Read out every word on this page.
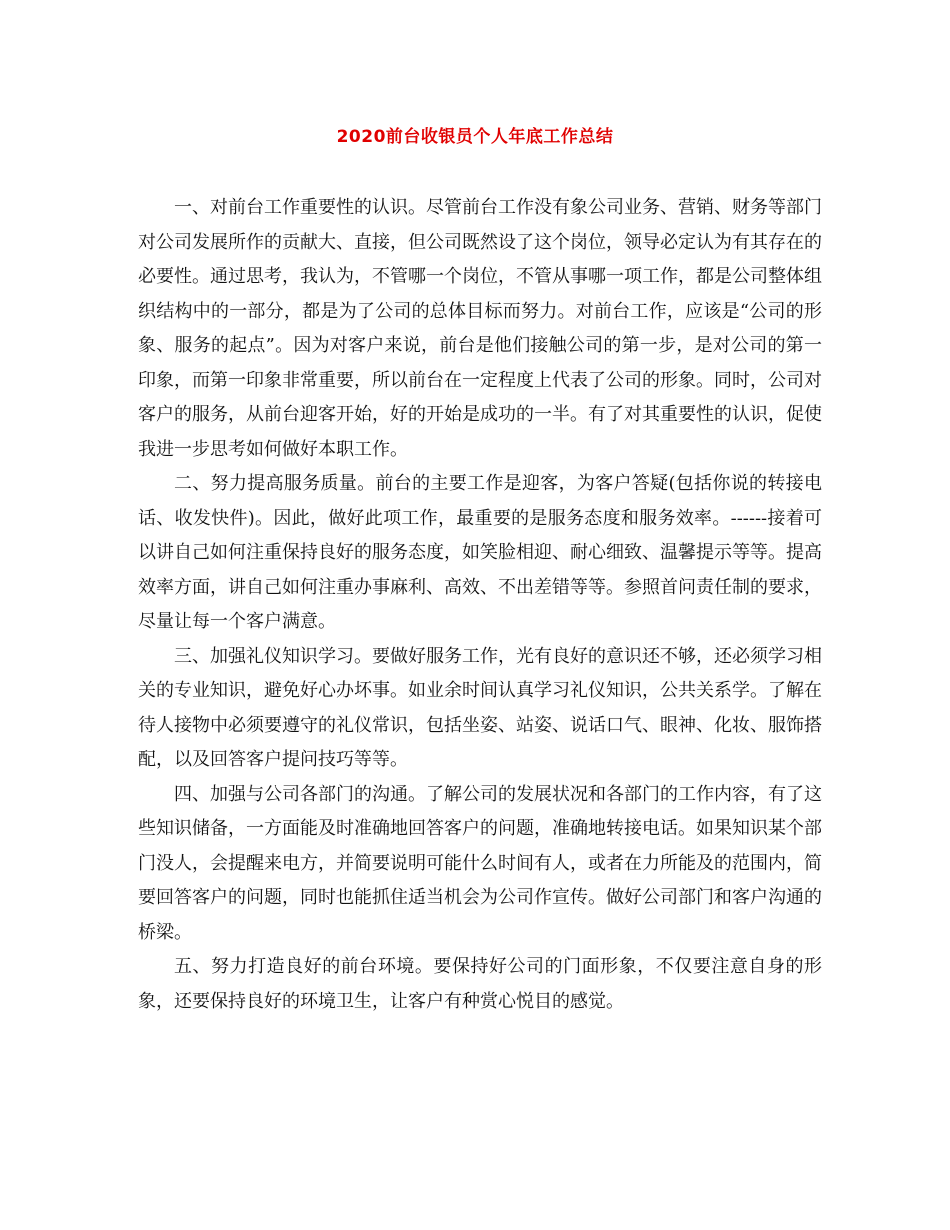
2020前台收银员个人年底工作总结

一、对前台工作重要性的认识。尽管前台工作没有象公司业务、营销、财务等部门对公司发展所作的贡献大、直接，但公司既然设了这个岗位，领导必定认为有其存在的必要性。通过思考，我认为，不管哪一个岗位，不管从事哪一项工作，都是公司整体组织结构中的一部分，都是为了公司的总体目标而努力。对前台工作，应该是“公司的形象、服务的起点”。因为对客户来说，前台是他们接触公司的第一步，是对公司的第一印象，而第一印象非常重要，所以前台在一定程度上代表了公司的形象。同时，公司对客户的服务，从前台迎客开始，好的开始是成功的一半。有了对其重要性的认识，促使我进一步思考如何做好本职工作。

二、努力提高服务质量。前台的主要工作是迎客，为客户答疑(包括你说的转接电话、收发快件)。因此，做好此项工作，最重要的是服务态度和服务效率。------接着可以讲自己如何注重保持良好的服务态度，如笑脸相迎、耐心细致、温馨提示等等。提高效率方面，讲自己如何注重办事麻利、高效、不出差错等等。参照首问责任制的要求，尽量让每一个客户满意。

三、加强礼仪知识学习。要做好服务工作，光有良好的意识还不够，还必须学习相关的专业知识，避免好心办坏事。如业余时间认真学习礼仪知识，公共关系学。了解在待人接物中必须要遵守的礼仪常识，包括坐姿、站姿、说话口气、眼神、化妆、服饰搭配，以及回答客户提问技巧等等。

四、加强与公司各部门的沟通。了解公司的发展状况和各部门的工作内容，有了这些知识储备，一方面能及时准确地回答客户的问题，准确地转接电话。如果知识某个部门没人，会提醒来电方，并简要说明可能什么时间有人，或者在力所能及的范围内，简要回答客户的问题，同时也能抓住适当机会为公司作宣传。做好公司部门和客户沟通的桥梁。

五、努力打造良好的前台环境。要保持好公司的门面形象，不仅要注意自身的形象，还要保持良好的环境卫生，让客户有种赏心悦目的感觉。
